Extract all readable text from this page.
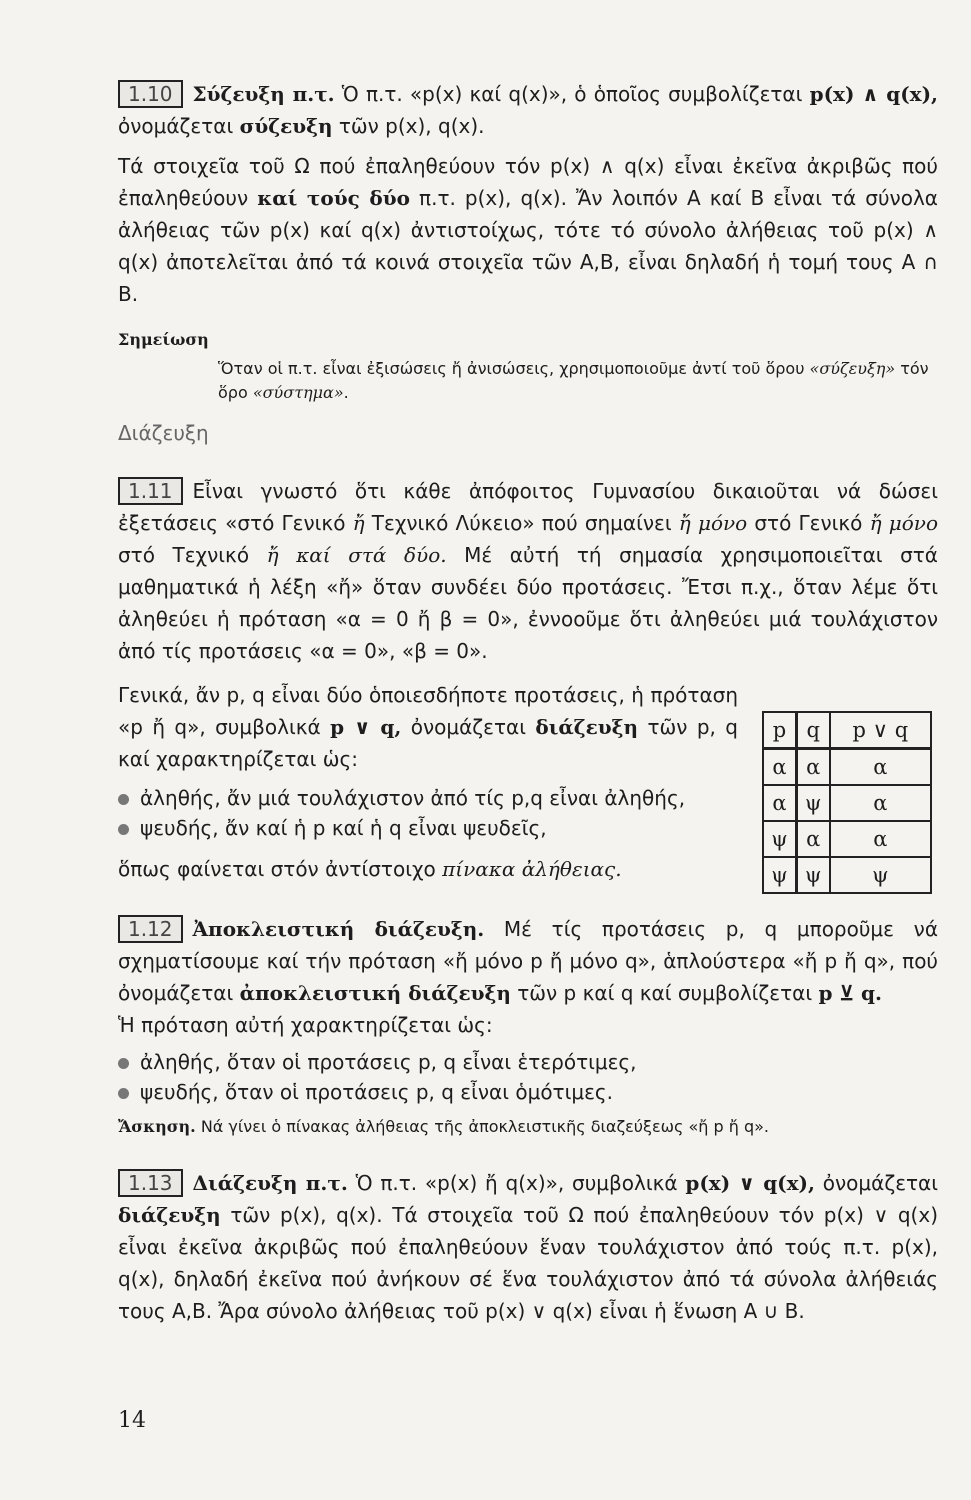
1.10 Σύζευξη π.τ. Ὁ π.τ. «p(x) καί q(x)», ὁ ὁποῖος συμβολίζεται p(x) ∧ q(x), ὀνομάζεται σύζευξη τῶν p(x), q(x).

Τά στοιχεῖα τοῦ Ω πού ἐπαληθεύουν τόν p(x) ∧ q(x) εἶναι ἐκεῖνα ἀκριβῶς πού ἐπαληθεύουν καί τούς δύο π.τ. p(x), q(x). Ἄν λοιπόν Α καί Β εἶναι τά σύνολα ἀλήθειας τῶν p(x) καί q(x) ἀντιστοίχως, τότε τό σύνολο ἀλήθειας τοῦ p(x) ∧ q(x) ἀποτελεῖται ἀπό τά κοινά στοιχεῖα τῶν Α,Β, εἶναι δηλαδή ἡ τομή τους Α ∩ Β.

Σημείωση
Ὅταν οἱ π.τ. εἶναι ἐξισώσεις ἤ ἀνισώσεις, χρησιμοποιοῦμε ἀντί τοῦ ὅρου «σύζευξη» τόν ὅρο «σύστημα».
Διάζευξη

1.11 Εἶναι γνωστό ὅτι κάθε ἀπόφοιτος Γυμνασίου δικαιοῦται νά δώσει ἐξετάσεις «στό Γενικό ἤ Τεχνικό Λύκειο» πού σημαίνει ἤ μόνο στό Γενικό ἤ μόνο στό Τεχνικό ἤ καί στά δύο. Μέ αὐτή τή σημασία χρησιμοποιεῖται στά μαθηματικά ἡ λέξη «ἤ» ὅταν συνδέει δύο προτάσεις. Ἔτσι π.χ., ὅταν λέμε ὅτι ἀληθεύει ἡ πρόταση «α = 0 ἤ β = 0», ἐννοοῦμε ὅτι ἀληθεύει μιά τουλάχιστον ἀπό τίς προτάσεις «α = 0», «β = 0».

Γενικά, ἄν p, q εἶναι δύο ὁποιεσδήποτε προτάσεις, ἡ πρόταση «p ἤ q», συμβολικά p ∨ q, ὀνομάζεται διάζευξη τῶν p, q καί χαρακτηρίζεται ὡς:

ἀληθής, ἄν μιά τουλάχιστον ἀπό τίς p,q εἶναι ἀληθής,
ψευδής, ἄν καί ἡ p καί ἡ q εἶναι ψευδεῖς,

ὅπως φαίνεται στόν ἀντίστοιχο πίνακα ἀλήθειας.

1.12 Ἀποκλειστική διάζευξη. Μέ τίς προτάσεις p, q μποροῦμε νά σχηματίσουμε καί τήν πρόταση «ἤ μόνο p ἤ μόνο q», ἁπλούστερα «ἤ p ἤ q», πού ὀνομάζεται ἀποκλειστική διάζευξη τῶν p καί q καί συμβολίζεται p ⊻ q.

Ἡ πρόταση αὐτή χαρακτηρίζεται ὡς:

ἀληθής, ὅταν οἱ προτάσεις p, q εἶναι ἑτερότιμες,
ψευδής, ὅταν οἱ προτάσεις p, q εἶναι ὁμότιμες.
Ἄσκηση. Νά γίνει ὁ πίνακας ἀλήθειας τῆς ἀποκλειστικῆς διαζεύξεως «ἤ p ἤ q».

1.13 Διάζευξη π.τ. Ὁ π.τ. «p(x) ἤ q(x)», συμβολικά p(x) ∨ q(x), ὀνομάζεται διάζευξη τῶν p(x), q(x). Τά στοιχεῖα τοῦ Ω πού ἐπαληθεύουν τόν p(x) ∨ q(x) εἶναι ἐκεῖνα ἀκριβῶς πού ἐπαληθεύουν ἕναν τουλάχιστον ἀπό τούς π.τ. p(x), q(x), δηλαδή ἐκεῖνα πού ἀνήκουν σέ ἕνα τουλάχιστον ἀπό τά σύνολα ἀλήθειάς τους Α,Β. Ἄρα σύνολο ἀλήθειας τοῦ p(x) ∨ q(x) εἶναι ἡ ἕνωση Α ∪ Β.

p	q	p ∨ q
α	α	α
α	ψ	α
ψ	α	α
ψ	ψ	ψ
14
